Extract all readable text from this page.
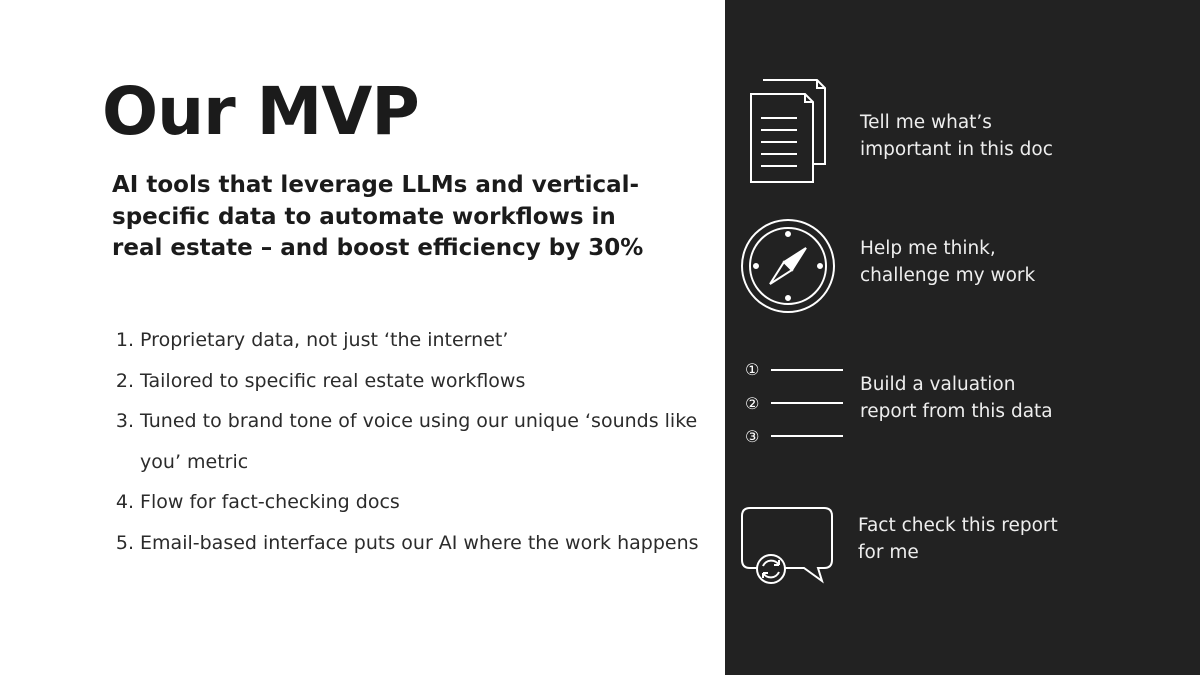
Our MVP

AI tools that leverage LLMs and vertical-specific data to automate workflows in real estate – and boost efficiency by 30%

1.
Proprietary data, not just ‘the internet’
2.
Tailored to specific real estate workflows
3.
Tuned to brand tone of voice using our unique ‘sounds like you’ metric
4.
Flow for fact-checking docs
5.
Email-based interface puts our AI where the work happens

Tell me what’s
important in this doc

Help me think,
challenge my work

①
②
③

Build a valuation
report from this data

Fact check this report
for me
